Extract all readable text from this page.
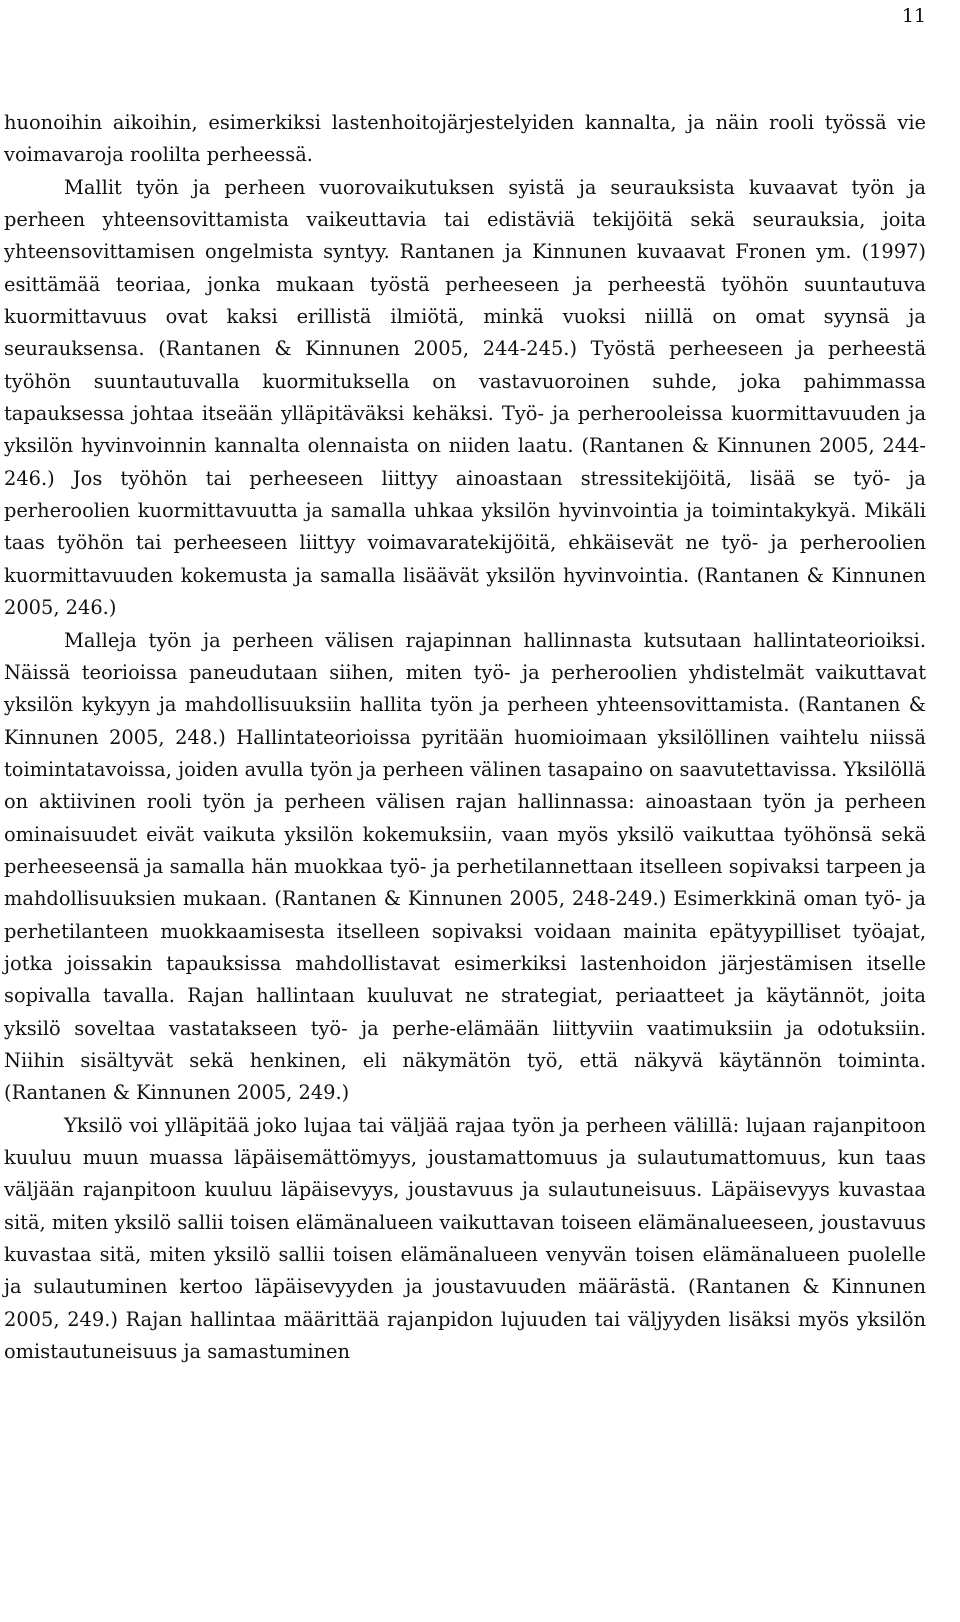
11

huonoihin aikoihin, esimerkiksi lastenhoitojärjestelyiden kannalta, ja näin rooli työssä vie voimavaroja roolilta perheessä.

Mallit työn ja perheen vuorovaikutuksen syistä ja seurauksista kuvaavat työn ja perheen yhteensovittamista vaikeuttavia tai edistäviä tekijöitä sekä seurauksia, joita yhteensovittamisen ongelmista syntyy. Rantanen ja Kinnunen kuvaavat Fronen ym. (1997) esittämää teoriaa, jonka mukaan työstä perheeseen ja perheestä työhön suuntautuva kuormittavuus ovat kaksi erillistä ilmiötä, minkä vuoksi niillä on omat syynsä ja seurauksensa. (Rantanen & Kinnunen 2005, 244-245.) Työstä perheeseen ja perheestä työhön suuntautuvalla kuormituksella on vastavuoroinen suhde, joka pahimmassa tapauksessa johtaa itseään ylläpitäväksi kehäksi. Työ- ja perherooleissa kuormittavuuden ja yksilön hyvinvoinnin kannalta olennaista on niiden laatu. (Rantanen & Kinnunen 2005, 244-246.) Jos työhön tai perheeseen liittyy ainoastaan stressitekijöitä, lisää se työ- ja perheroolien kuormittavuutta ja samalla uhkaa yksilön hyvinvointia ja toimintakykyä. Mikäli taas työhön tai perheeseen liittyy voimavaratekijöitä, ehkäisevät ne työ- ja perheroolien kuormittavuuden kokemusta ja samalla lisäävät yksilön hyvinvointia. (Rantanen & Kinnunen 2005, 246.)

Malleja työn ja perheen välisen rajapinnan hallinnasta kutsutaan hallintateorioiksi. Näissä teorioissa paneudutaan siihen, miten työ- ja perheroolien yhdistelmät vaikuttavat yksilön kykyyn ja mahdollisuuksiin hallita työn ja perheen yhteensovittamista. (Rantanen & Kinnunen 2005, 248.) Hallintateorioissa pyritään huomioimaan yksilöllinen vaihtelu niissä toimintatavoissa, joiden avulla työn ja perheen välinen tasapaino on saavutettavissa. Yksilöllä on aktiivinen rooli työn ja perheen välisen rajan hallinnassa: ainoastaan työn ja perheen ominaisuudet eivät vaikuta yksilön kokemuksiin, vaan myös yksilö vaikuttaa työhönsä sekä perheeseensä ja samalla hän muokkaa työ- ja perhetilannettaan itselleen sopivaksi tarpeen ja mahdollisuuksien mukaan. (Rantanen & Kinnunen 2005, 248-249.) Esimerkkinä oman työ- ja perhetilanteen muokkaamisesta itselleen sopivaksi voidaan mainita epätyypilliset työajat, jotka joissakin tapauksissa mahdollistavat esimerkiksi lastenhoidon järjestämisen itselle sopivalla tavalla. Rajan hallintaan kuuluvat ne strategiat, periaatteet ja käytännöt, joita yksilö soveltaa vastatakseen työ- ja perhe-elämään liittyviin vaatimuksiin ja odotuksiin. Niihin sisältyvät sekä henkinen, eli näkymätön työ, että näkyvä käytännön toiminta. (Rantanen & Kinnunen 2005, 249.)

Yksilö voi ylläpitää joko lujaa tai väljää rajaa työn ja perheen välillä: lujaan rajanpitoon kuuluu muun muassa läpäisemättömyys, joustamattomuus ja sulautumattomuus, kun taas väljään rajanpitoon kuuluu läpäisevyys, joustavuus ja sulautuneisuus. Läpäisevyys kuvastaa sitä, miten yksilö sallii toisen elämänalueen vaikuttavan toiseen elämänalueeseen, joustavuus kuvastaa sitä, miten yksilö sallii toisen elämänalueen venyvän toisen elämänalueen puolelle ja sulautuminen kertoo läpäisevyyden ja joustavuuden määrästä. (Rantanen & Kinnunen 2005, 249.) Rajan hallintaa määrittää rajanpidon lujuuden tai väljyyden lisäksi myös yksilön omistautuneisuus ja samastuminen
